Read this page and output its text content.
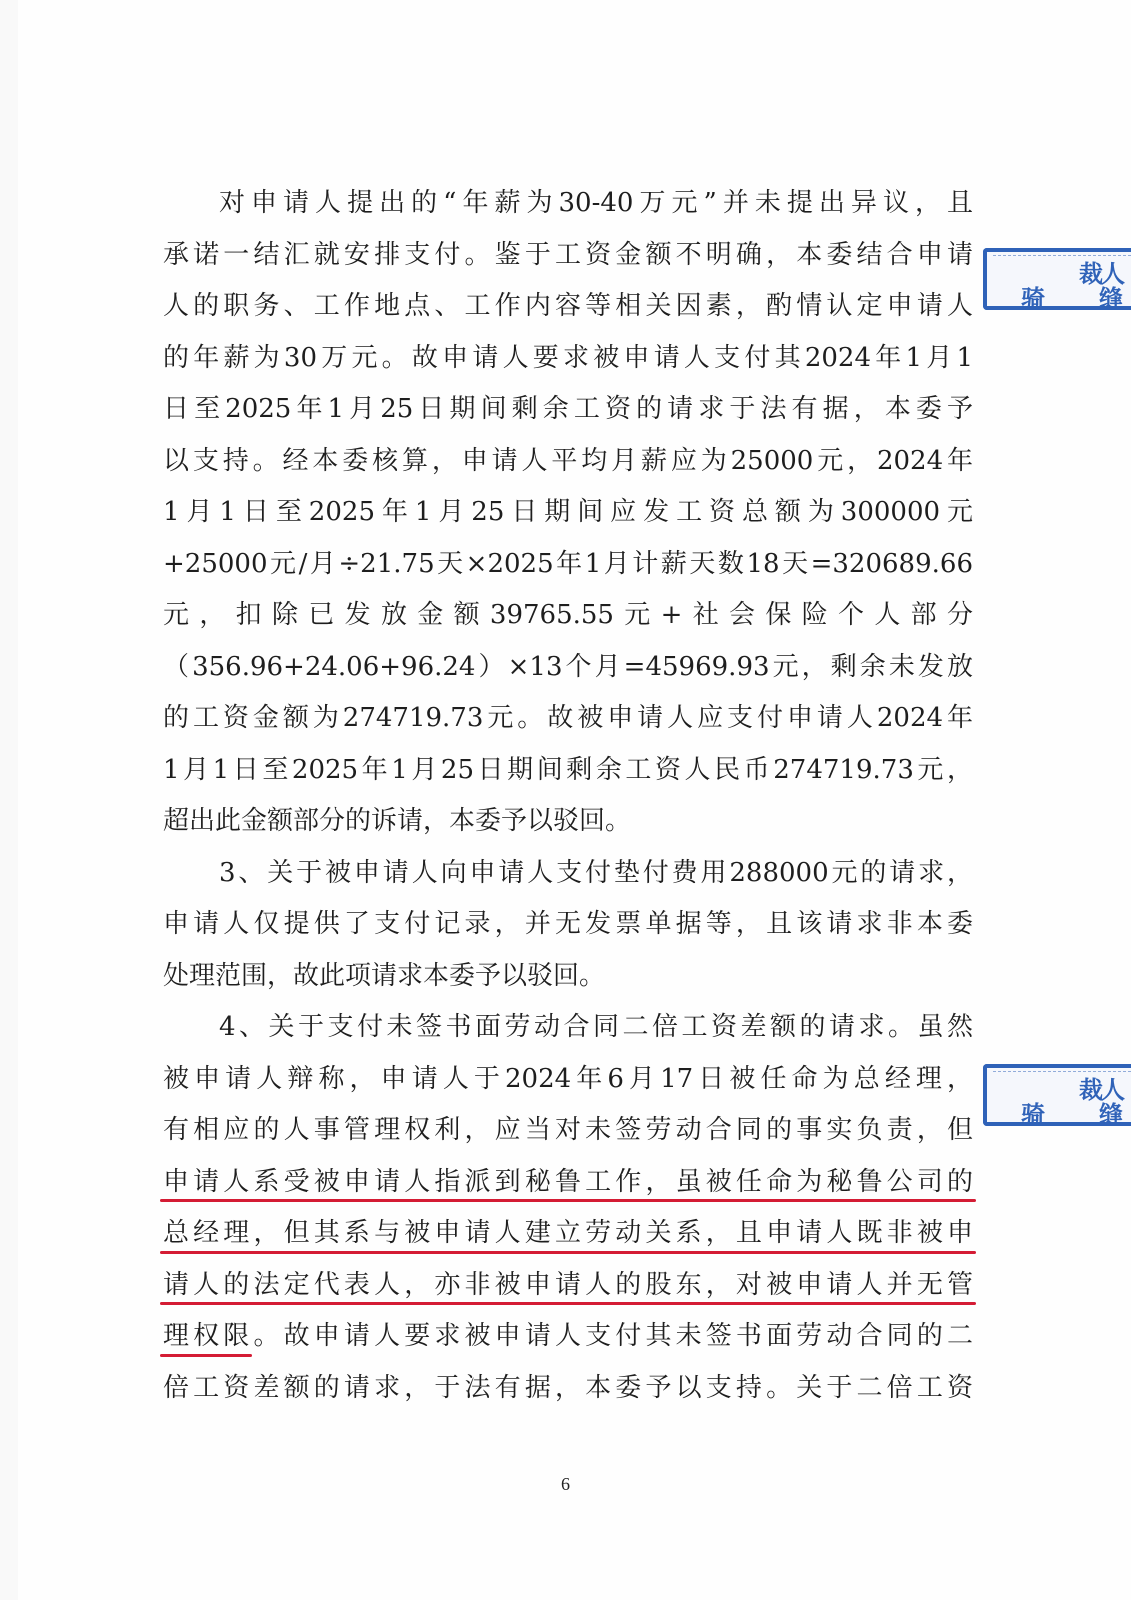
对申请人提出的“年薪为30-40万元”并未提出异议，且
承诺一结汇就安排支付。鉴于工资金额不明确，本委结合申请
人的职务、工作地点、工作内容等相关因素，酌情认定申请人
的年薪为30万元。故申请人要求被申请人支付其2024年1月1
日至2025年1月25日期间剩余工资的请求于法有据，本委予
以支持。经本委核算，申请人平均月薪应为25000元，2024年
1月1日至2025年1月25日期间应发工资总额为300000元
+25000元/月÷21.75天×2025年1月计薪天数18天=320689.66
元，扣除已发放金额39765.55元+社会保险个人部分
（356.96+24.06+96.24）×13个月=45969.93元，剩余未发放
的工资金额为274719.73元。故被申请人应支付申请人2024年
1月1日至2025年1月25日期间剩余工资人民币274719.73元，
超出此金额部分的诉请，本委予以驳回。
3、关于被申请人向申请人支付垫付费用288000元的请求，
申请人仅提供了支付记录，并无发票单据等，且该请求非本委
处理范围，故此项请求本委予以驳回。
4、关于支付未签书面劳动合同二倍工资差额的请求。虽然
被申请人辩称，申请人于2024年6月17日被任命为总经理，
有相应的人事管理权利，应当对未签劳动合同的事实负责，但
申请人系受被申请人指派到秘鲁工作，虽被任命为秘鲁公司的
总经理，但其系与被申请人建立劳动关系，且申请人既非被申
请人的法定代表人，亦非被申请人的股东，对被申请人并无管
理权限。故申请人要求被申请人支付其未签书面劳动合同的二
倍工资差额的请求，于法有据，本委予以支持。关于二倍工资
裁人
骑 缝
裁人
骑 缝
6
